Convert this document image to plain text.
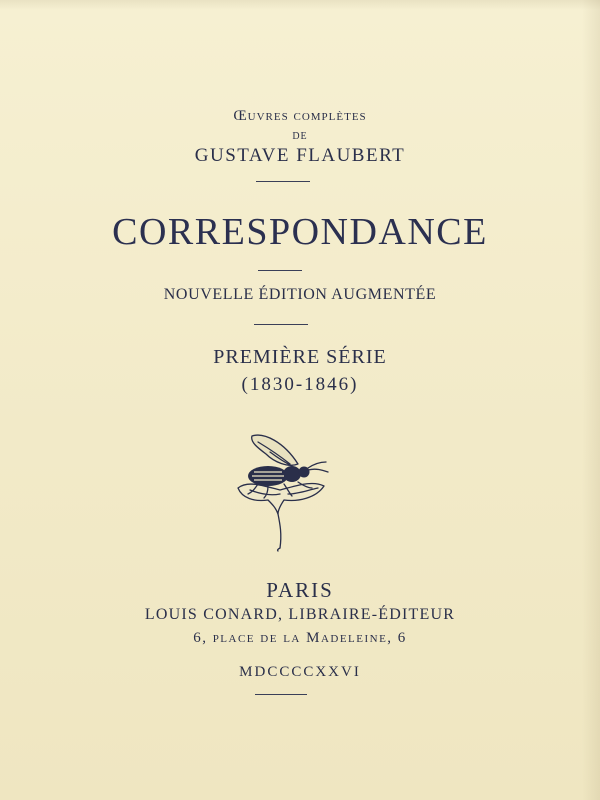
Œuvres complètes
DE
GUSTAVE FLAUBERT
CORRESPONDANCE
NOUVELLE ÉDITION AUGMENTÉE
PREMIÈRE SÉRIE
(1830-1846)
PARIS
LOUIS CONARD, LIBRAIRE-ÉDITEUR
6, place de la Madeleine, 6
MDCCCCXXVI
